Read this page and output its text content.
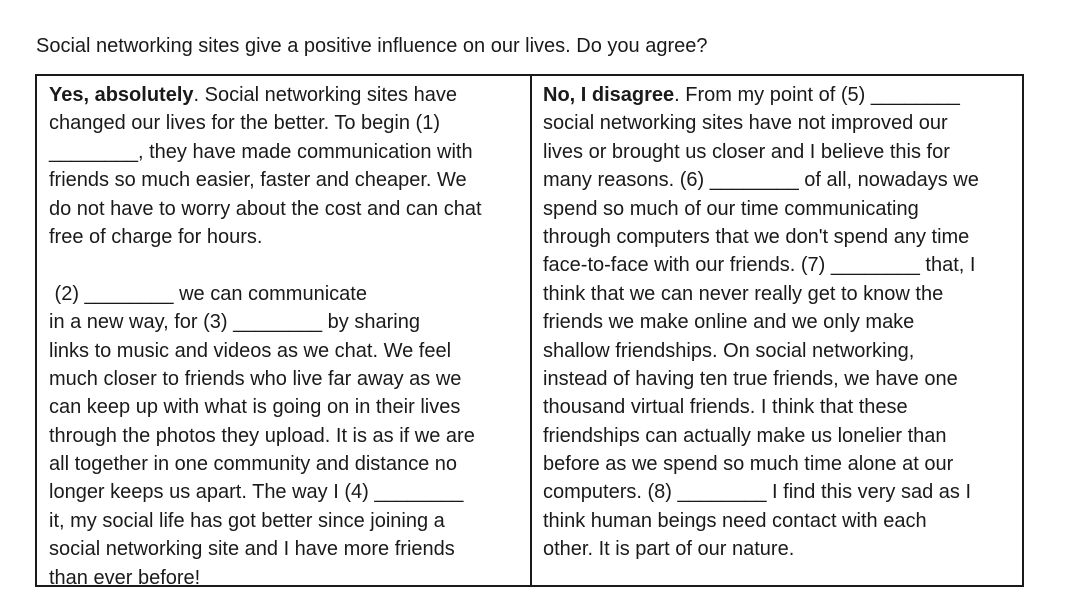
Social networking sites give a positive influence on our lives. Do you agree?
Yes, absolutely. Social networking sites have
changed our lives for the better. To begin (1)
________, they have made communication with
friends so much easier, faster and cheaper. We
do not have to worry about the cost and can chat
free of charge for hours.
(2) ________ we can communicate
in a new way, for (3) ________ by sharing
links to music and videos as we chat. We feel
much closer to friends who live far away as we
can keep up with what is going on in their lives
through the photos they upload. It is as if we are
all together in one community and distance no
longer keeps us apart. The way I (4) ________
it, my social life has got better since joining a
social networking site and I have more friends
than ever before!
No, I disagree. From my point of (5) ________
social networking sites have not improved our
lives or brought us closer and I believe this for
many reasons. (6) ________ of all, nowadays we
spend so much of our time communicating
through computers that we don't spend any time
face-to-face with our friends. (7) ________ that, I
think that we can never really get to know the
friends we make online and we only make
shallow friendships. On social networking,
instead of having ten true friends, we have one
thousand virtual friends. I think that these
friendships can actually make us lonelier than
before as we spend so much time alone at our
computers. (8) ________ I find this very sad as I
think human beings need contact with each
other. It is part of our nature.
